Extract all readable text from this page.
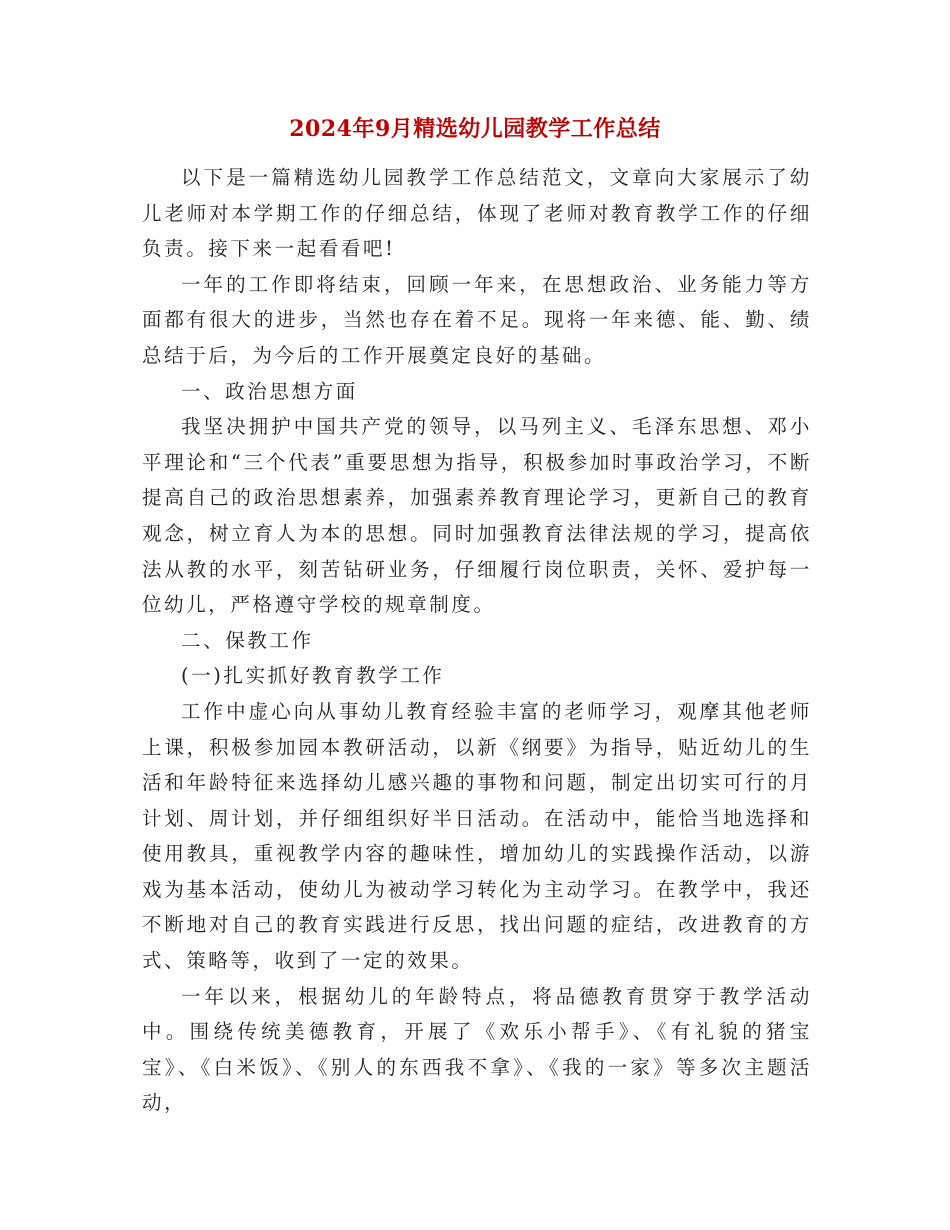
2024年9月精选幼儿园教学工作总结

以下是一篇精选幼儿园教学工作总结范文，文章向大家展示了幼儿老师对本学期工作的仔细总结，体现了老师对教育教学工作的仔细负责。接下来一起看看吧!

一年的工作即将结束，回顾一年来，在思想政治、业务能力等方面都有很大的进步，当然也存在着不足。现将一年来德、能、勤、绩总结于后，为今后的工作开展奠定良好的基础。

一、政治思想方面

我坚决拥护中国共产党的领导，以马列主义、毛泽东思想、邓小平理论和“三个代表”重要思想为指导，积极参加时事政治学习，不断提高自己的政治思想素养，加强素养教育理论学习，更新自己的教育观念，树立育人为本的思想。同时加强教育法律法规的学习，提高依法从教的水平，刻苦钻研业务，仔细履行岗位职责，关怀、爱护每一位幼儿，严格遵守学校的规章制度。

二、保教工作

(一)扎实抓好教育教学工作

工作中虚心向从事幼儿教育经验丰富的老师学习，观摩其他老师上课，积极参加园本教研活动，以新《纲要》为指导，贴近幼儿的生活和年龄特征来选择幼儿感兴趣的事物和问题，制定出切实可行的月计划、周计划，并仔细组织好半日活动。在活动中，能恰当地选择和使用教具，重视教学内容的趣味性，增加幼儿的实践操作活动，以游戏为基本活动，使幼儿为被动学习转化为主动学习。在教学中，我还不断地对自己的教育实践进行反思，找出问题的症结，改进教育的方式、策略等，收到了一定的效果。

一年以来，根据幼儿的年龄特点，将品德教育贯穿于教学活动中。围绕传统美德教育，开展了《欢乐小帮手》、《有礼貌的猪宝宝》、《白米饭》、《别人的东西我不拿》、《我的一家》等多次主题活动，
